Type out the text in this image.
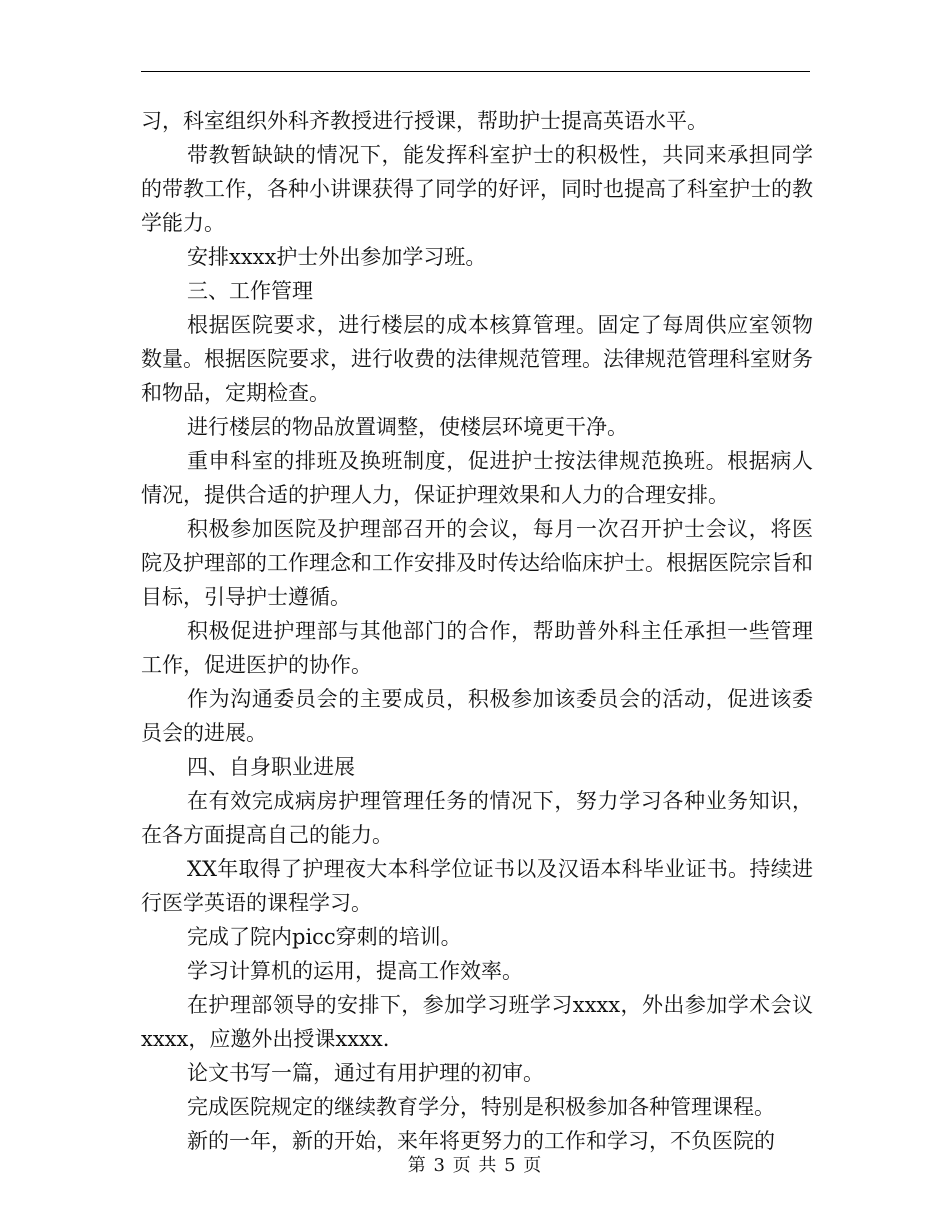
习，科室组织外科齐教授进行授课，帮助护士提高英语水平。

带教暂缺缺的情况下，能发挥科室护士的积极性，共同来承担同学的带教工作，各种小讲课获得了同学的好评，同时也提高了科室护士的教学能力。

安排xxxx护士外出参加学习班。

三、工作管理

根据医院要求，进行楼层的成本核算管理。固定了每周供应室领物数量。根据医院要求，进行收费的法律规范管理。法律规范管理科室财务和物品，定期检查。

进行楼层的物品放置调整，使楼层环境更干净。

重申科室的排班及换班制度，促进护士按法律规范换班。根据病人情况，提供合适的护理人力，保证护理效果和人力的合理安排。

积极参加医院及护理部召开的会议，每月一次召开护士会议，将医院及护理部的工作理念和工作安排及时传达给临床护士。根据医院宗旨和目标，引导护士遵循。

积极促进护理部与其他部门的合作，帮助普外科主任承担一些管理工作，促进医护的协作。

作为沟通委员会的主要成员，积极参加该委员会的活动，促进该委员会的进展。

四、自身职业进展

在有效完成病房护理管理任务的情况下，努力学习各种业务知识，在各方面提高自己的能力。

XX年取得了护理夜大本科学位证书以及汉语本科毕业证书。持续进行医学英语的课程学习。

完成了院内picc穿刺的培训。

学习计算机的运用，提高工作效率。

在护理部领导的安排下，参加学习班学习xxxx，外出参加学术会议xxxx，应邀外出授课xxxx.

论文书写一篇，通过有用护理的初审。

完成医院规定的继续教育学分，特别是积极参加各种管理课程。

新的一年，新的开始，来年将更努力的工作和学习，不负医院的

第 3 页 共 5 页
